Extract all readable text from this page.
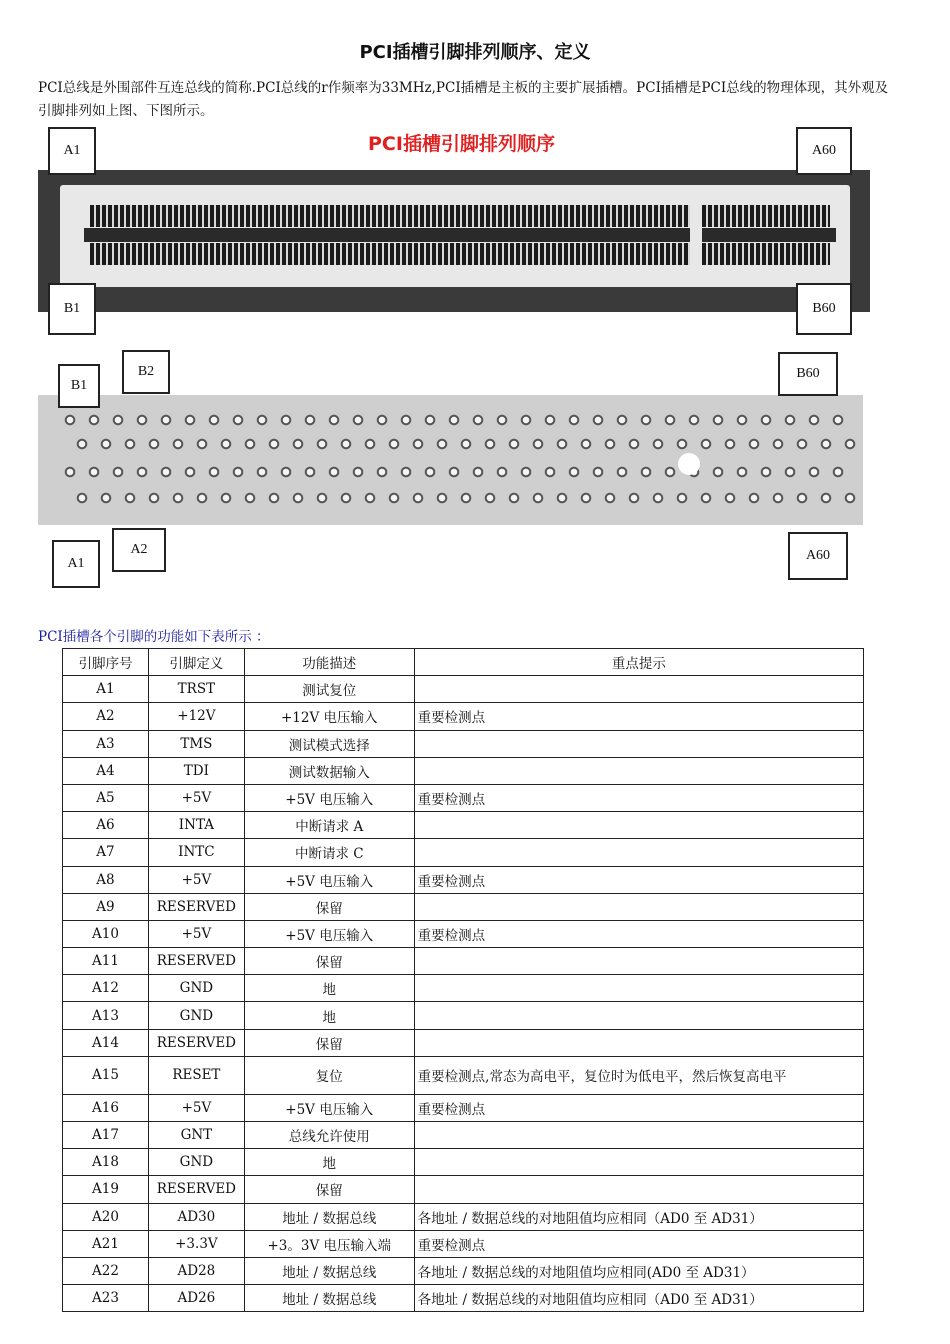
PCI插槽引脚排列顺序、定义
PCI总线是外围部件互连总线的简称.PCI总线的r作频率为33MHz,PCI插槽是主板的主要扩展插槽。PCI插槽是PCI总线的物理体现，其外观及引脚排列如上图、下图所示。
PCI插槽引脚排列顺序
A1	A60
B1	B60
B1
B2	B60
A1
A2	A60
PCI插槽各个引脚的功能如下表所示 ：
引脚序号	引脚定义	功能描述	重点提示
A1	TRST	测试复位	
A2	+12V	+12V 电压输入	重要检测点
A3	TMS	测试模式选择	
A4	TDI	测试数据输入	
A5	+5V	+5V 电压输入	重要检测点
A6	INTA	中断请求 A	
A7	INTC	中断请求 C	
A8	+5V	+5V 电压输入	重要检测点
A9	RESERVED	保留	
A10	+5V	+5V 电压输入	重要检测点
A11	RESERVED	保留	
A12	GND	地	
A13	GND	地	
A14	RESERVED	保留	
A15	RESET	复位	重要检测点,常态为高电平，复位时为低电平，然后恢复高电平
A16	+5V	+5V 电压输入	重要检测点
A17	GNT	总线允许使用	
A18	GND	地	
A19	RESERVED	保留	
A20	AD30	地址 / 数据总线	各地址 / 数据总线的对地阻值均应相同（AD0 至 AD31）
A21	+3.3V	+3。3V 电压输入端	重要检测点
A22	AD28	地址 / 数据总线	各地址 / 数据总线的对地阻值均应相同(AD0 至 AD31）
A23	AD26	地址 / 数据总线	各地址 / 数据总线的对地阻值均应相同（AD0 至 AD31）
